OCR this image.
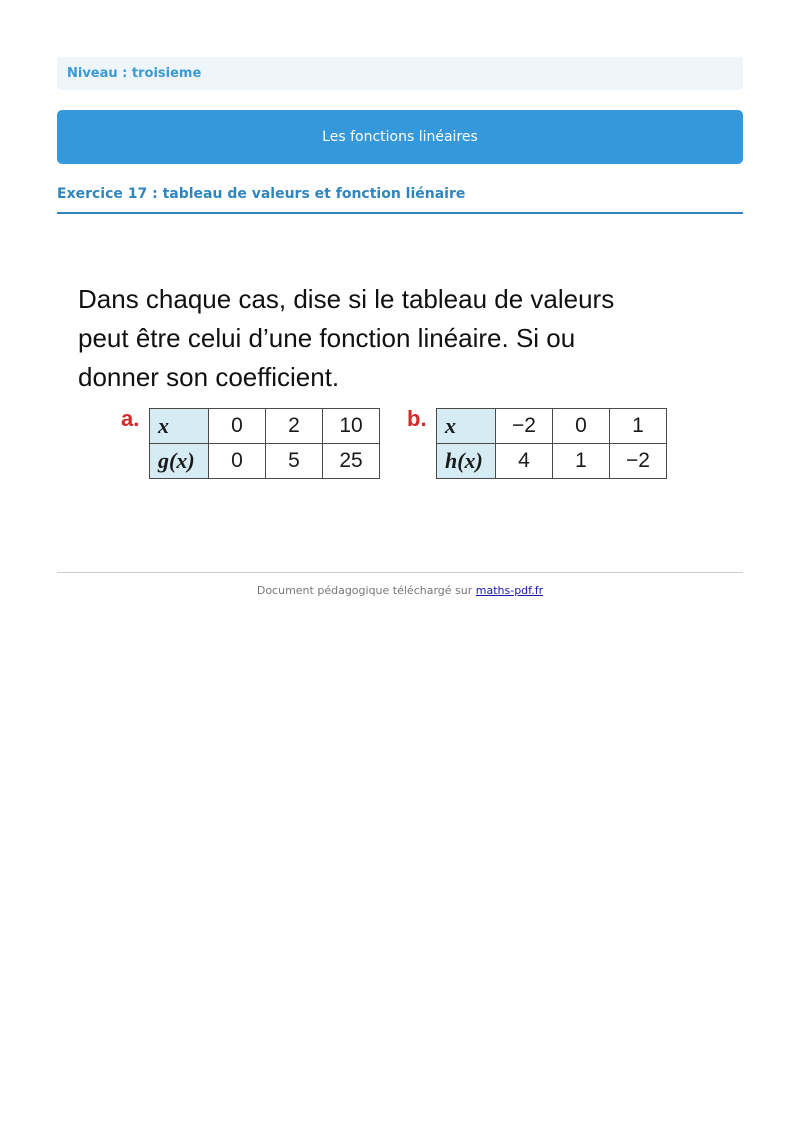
Niveau : troisieme
Les fonctions linéaires
Exercice 17 : tableau de valeurs et fonction liénaire
Dans chaque cas, dise si le tableau de valeurs
peut être celui d’une fonction linéaire. Si ou
donner son coefficient.
a. x	0	2	10
g(x)	0	5	25
b. x	−2	0	1
h(x)	4	1	−2
Document pédagogique téléchargé sur maths-pdf.fr
